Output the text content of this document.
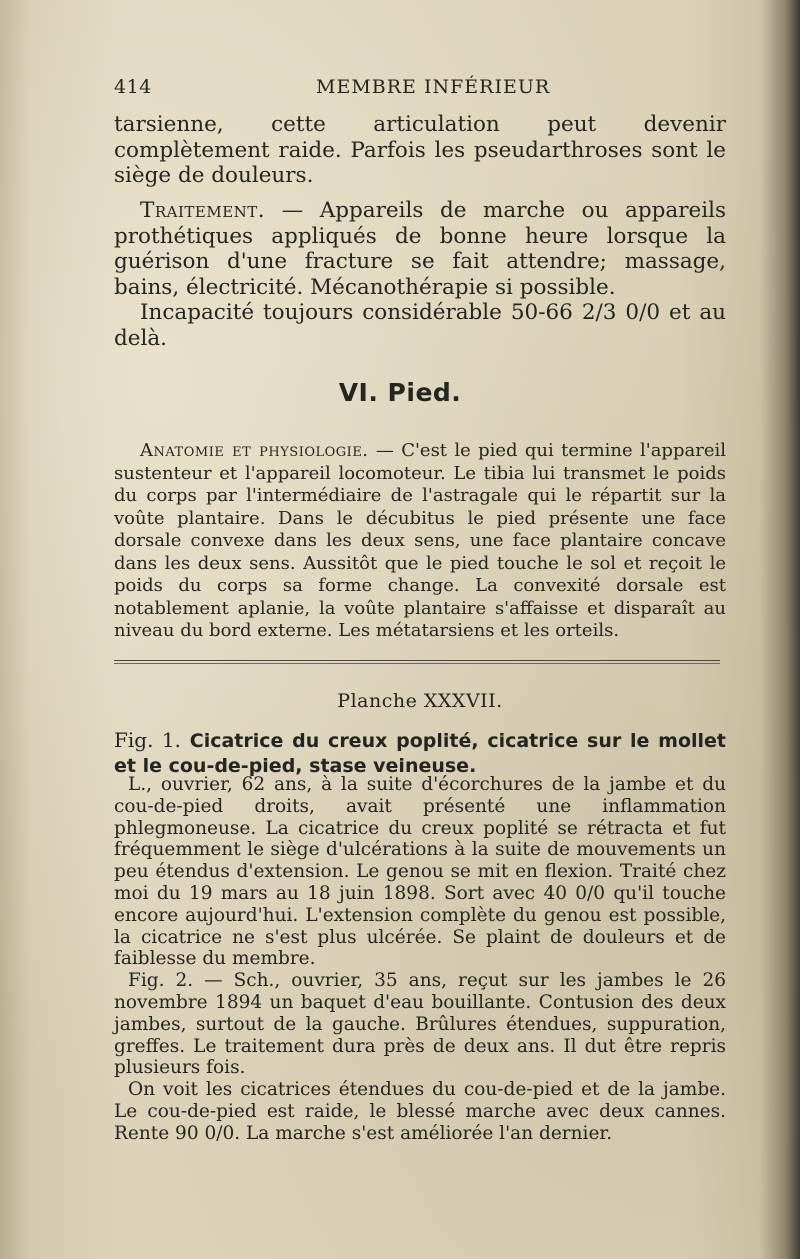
414	MEMBRE INFÉRIEUR

tarsienne, cette articulation peut devenir complètement raide. Parfois les pseudarthroses sont le siège de douleurs.

Traitement. — Appareils de marche ou appareils prothétiques appliqués de bonne heure lorsque la guérison d'une fracture se fait attendre; massage, bains, électricité. Mécanothérapie si possible.

Incapacité toujours considérable 50-66 2/3 0/0 et au delà.

VI. Pied.

Anatomie et physiologie. — C'est le pied qui termine l'appareil sustenteur et l'appareil locomoteur. Le tibia lui transmet le poids du corps par l'intermédiaire de l'astragale qui le répartit sur la voûte plantaire. Dans le décubitus le pied présente une face dorsale convexe dans les deux sens, une face plantaire concave dans les deux sens. Aussitôt que le pied touche le sol et reçoit le poids du corps sa forme change. La convexité dorsale est notablement aplanie, la voûte plantaire s'affaisse et disparaît au niveau du bord externe. Les métatarsiens et les orteils.

Planche XXXVII.
Fig. 1. Cicatrice du creux poplité, cicatrice sur le mollet et le cou-de-pied, stase veineuse.

L., ouvrier, 62 ans, à la suite d'écorchures de la jambe et du cou-de-pied droits, avait présenté une inflammation phlegmoneuse. La cicatrice du creux poplité se rétracta et fut fréquemment le siège d'ulcérations à la suite de mouvements un peu étendus d'extension. Le genou se mit en flexion. Traité chez moi du 19 mars au 18 juin 1898. Sort avec 40 0/0 qu'il touche encore aujourd'hui. L'extension complète du genou est possible, la cicatrice ne s'est plus ulcérée. Se plaint de douleurs et de faiblesse du membre.

Fig. 2. — Sch., ouvrier, 35 ans, reçut sur les jambes le 26 novembre 1894 un baquet d'eau bouillante. Contusion des deux jambes, surtout de la gauche. Brûlures étendues, suppuration, greffes. Le traitement dura près de deux ans. Il dut être repris plusieurs fois.

On voit les cicatrices étendues du cou-de-pied et de la jambe. Le cou-de-pied est raide, le blessé marche avec deux cannes. Rente 90 0/0. La marche s'est améliorée l'an dernier.
